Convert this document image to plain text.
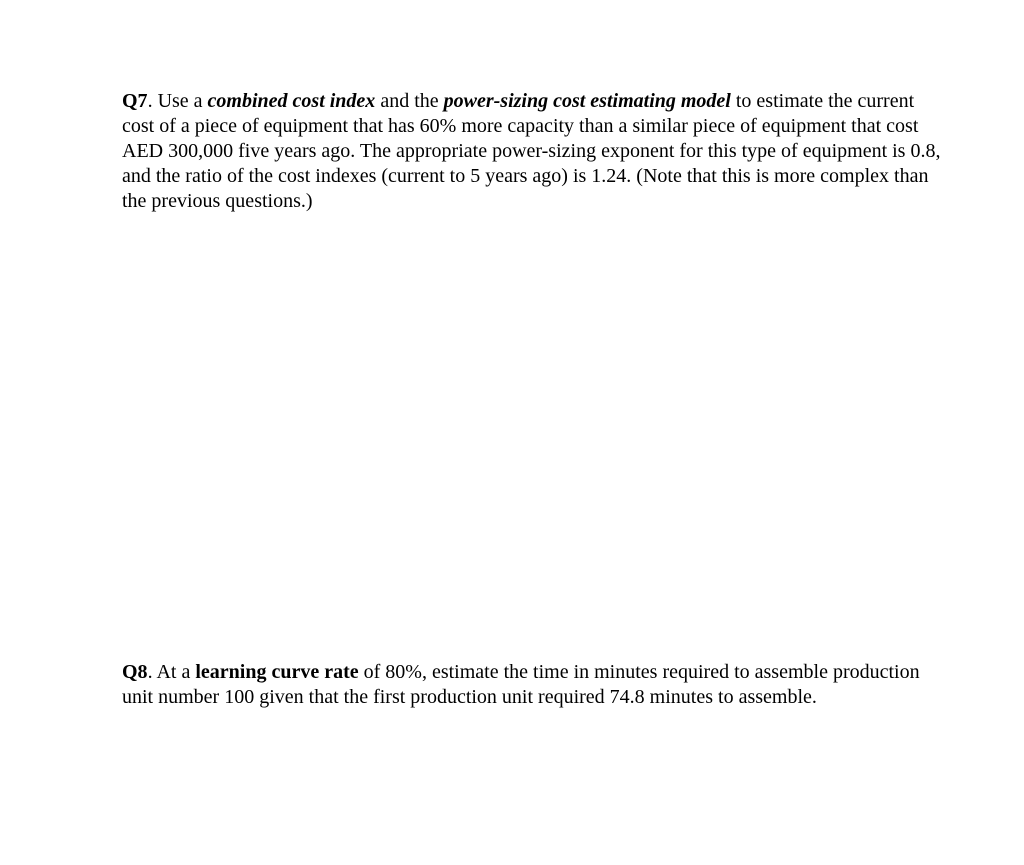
Q7. Use a combined cost index and the power-sizing cost estimating model to estimate the current cost of a piece of equipment that has 60% more capacity than a similar piece of equipment that cost AED 300,000 five years ago. The appropriate power-sizing exponent for this type of equipment is 0.8, and the ratio of the cost indexes (current to 5 years ago) is 1.24. (Note that this is more complex than the previous questions.)

Q8. At a learning curve rate of 80%, estimate the time in minutes required to assemble production unit number 100 given that the first production unit required 74.8 minutes to assemble.
